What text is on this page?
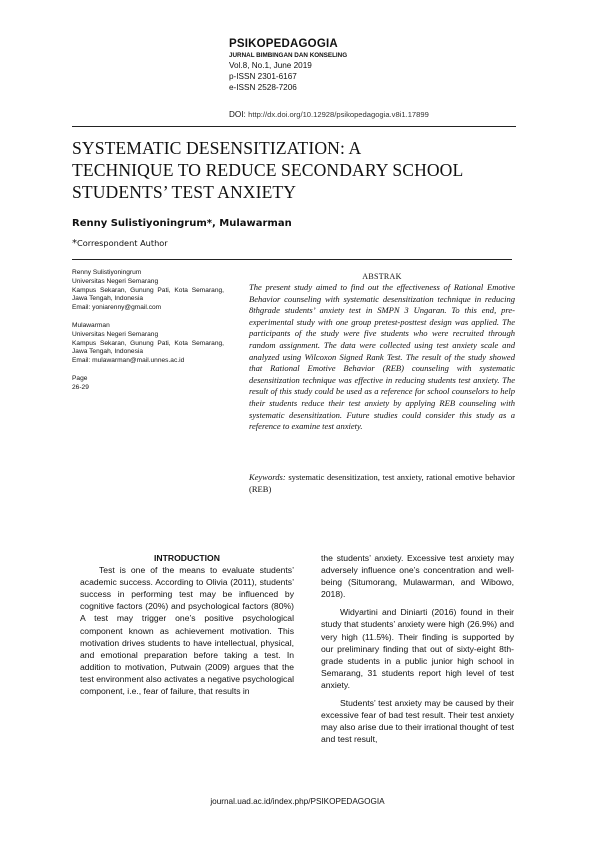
PSIKOPEDAGOGIA
JURNAL BIMBINGAN DAN KONSELING
Vol.8, No.1, June 2019
p-ISSN 2301-6167
e-ISSN 2528-7206
DOI: http://dx.doi.org/10.12928/psikopedagogia.v8i1.17899
SYSTEMATIC DESENSITIZATION: A
TECHNIQUE TO REDUCE SECONDARY SCHOOL
STUDENTS’ TEST ANXIETY
Renny Sulistiyoningrum*, Mulawarman
*Correspondent Author
Renny Sulistiyoningrum
Universitas Negeri Semarang
Kampus Sekaran, Gunung Pati, Kota Semarang, Jawa Tengah, Indonesia
Email: yoniarenny@gmail.com
Mulawarman
Universitas Negeri Semarang
Kampus Sekaran, Gunung Pati, Kota Semarang, Jawa Tengah, Indonesia
Email: mulawarman@mail.unnes.ac.id
Page
26-29
ABSTRAK
The present study aimed to find out the effectiveness of Rational Emotive Behavior counseling with systematic desensitization technique in reducing 8thgrade students’ anxiety test in SMPN 3 Ungaran. To this end, pre-experimental study with one group pretest-posttest design was applied. The participants of the study were five students who were recruited through random assignment. The data were collected using test anxiety scale and analyzed using Wilcoxon Signed Rank Test. The result of the study showed that Rational Emotive Behavior (REB) counseling with systematic desensitization technique was effective in reducing students test anxiety. The result of this study could be used as a reference for school counselors to help their students reduce their test anxiety by applying REB counseling with systematic desensitization. Future studies could consider this study as a reference to examine test anxiety.
Keywords: systematic desensitization, test anxiety, rational emotive behavior (REB)
INTRODUCTION

Test is one of the means to evaluate students’ academic success. According to Olivia (2011), students’ success in performing test may be influenced by cognitive factors (20%) and psychological factors (80%) A test may trigger one’s positive psychological component known as achievement motivation. This motivation drives students to have intellectual, physical, and emotional preparation before taking a test. In addition to motivation, Putwain (2009) argues that the test environment also activates a negative psychological component, i.e., fear of failure, that results in

the students’ anxiety. Excessive test anxiety may adversely influence one’s concentration and well-being (Situmorang, Mulawarman, and Wibowo, 2018).

Widyartini and Diniarti (2016) found in their study that students’ anxiety were high (26.9%) and very high (11.5%). Their finding is supported by our preliminary finding that out of sixty-eight 8th-grade students in a public junior high school in Semarang, 31 students report high level of test anxiety.

Students’ test anxiety may be caused by their excessive fear of bad test result. Their test anxiety may also arise due to their irrational thought of test and test result,

journal.uad.ac.id/index.php/PSIKOPEDAGOGIA
